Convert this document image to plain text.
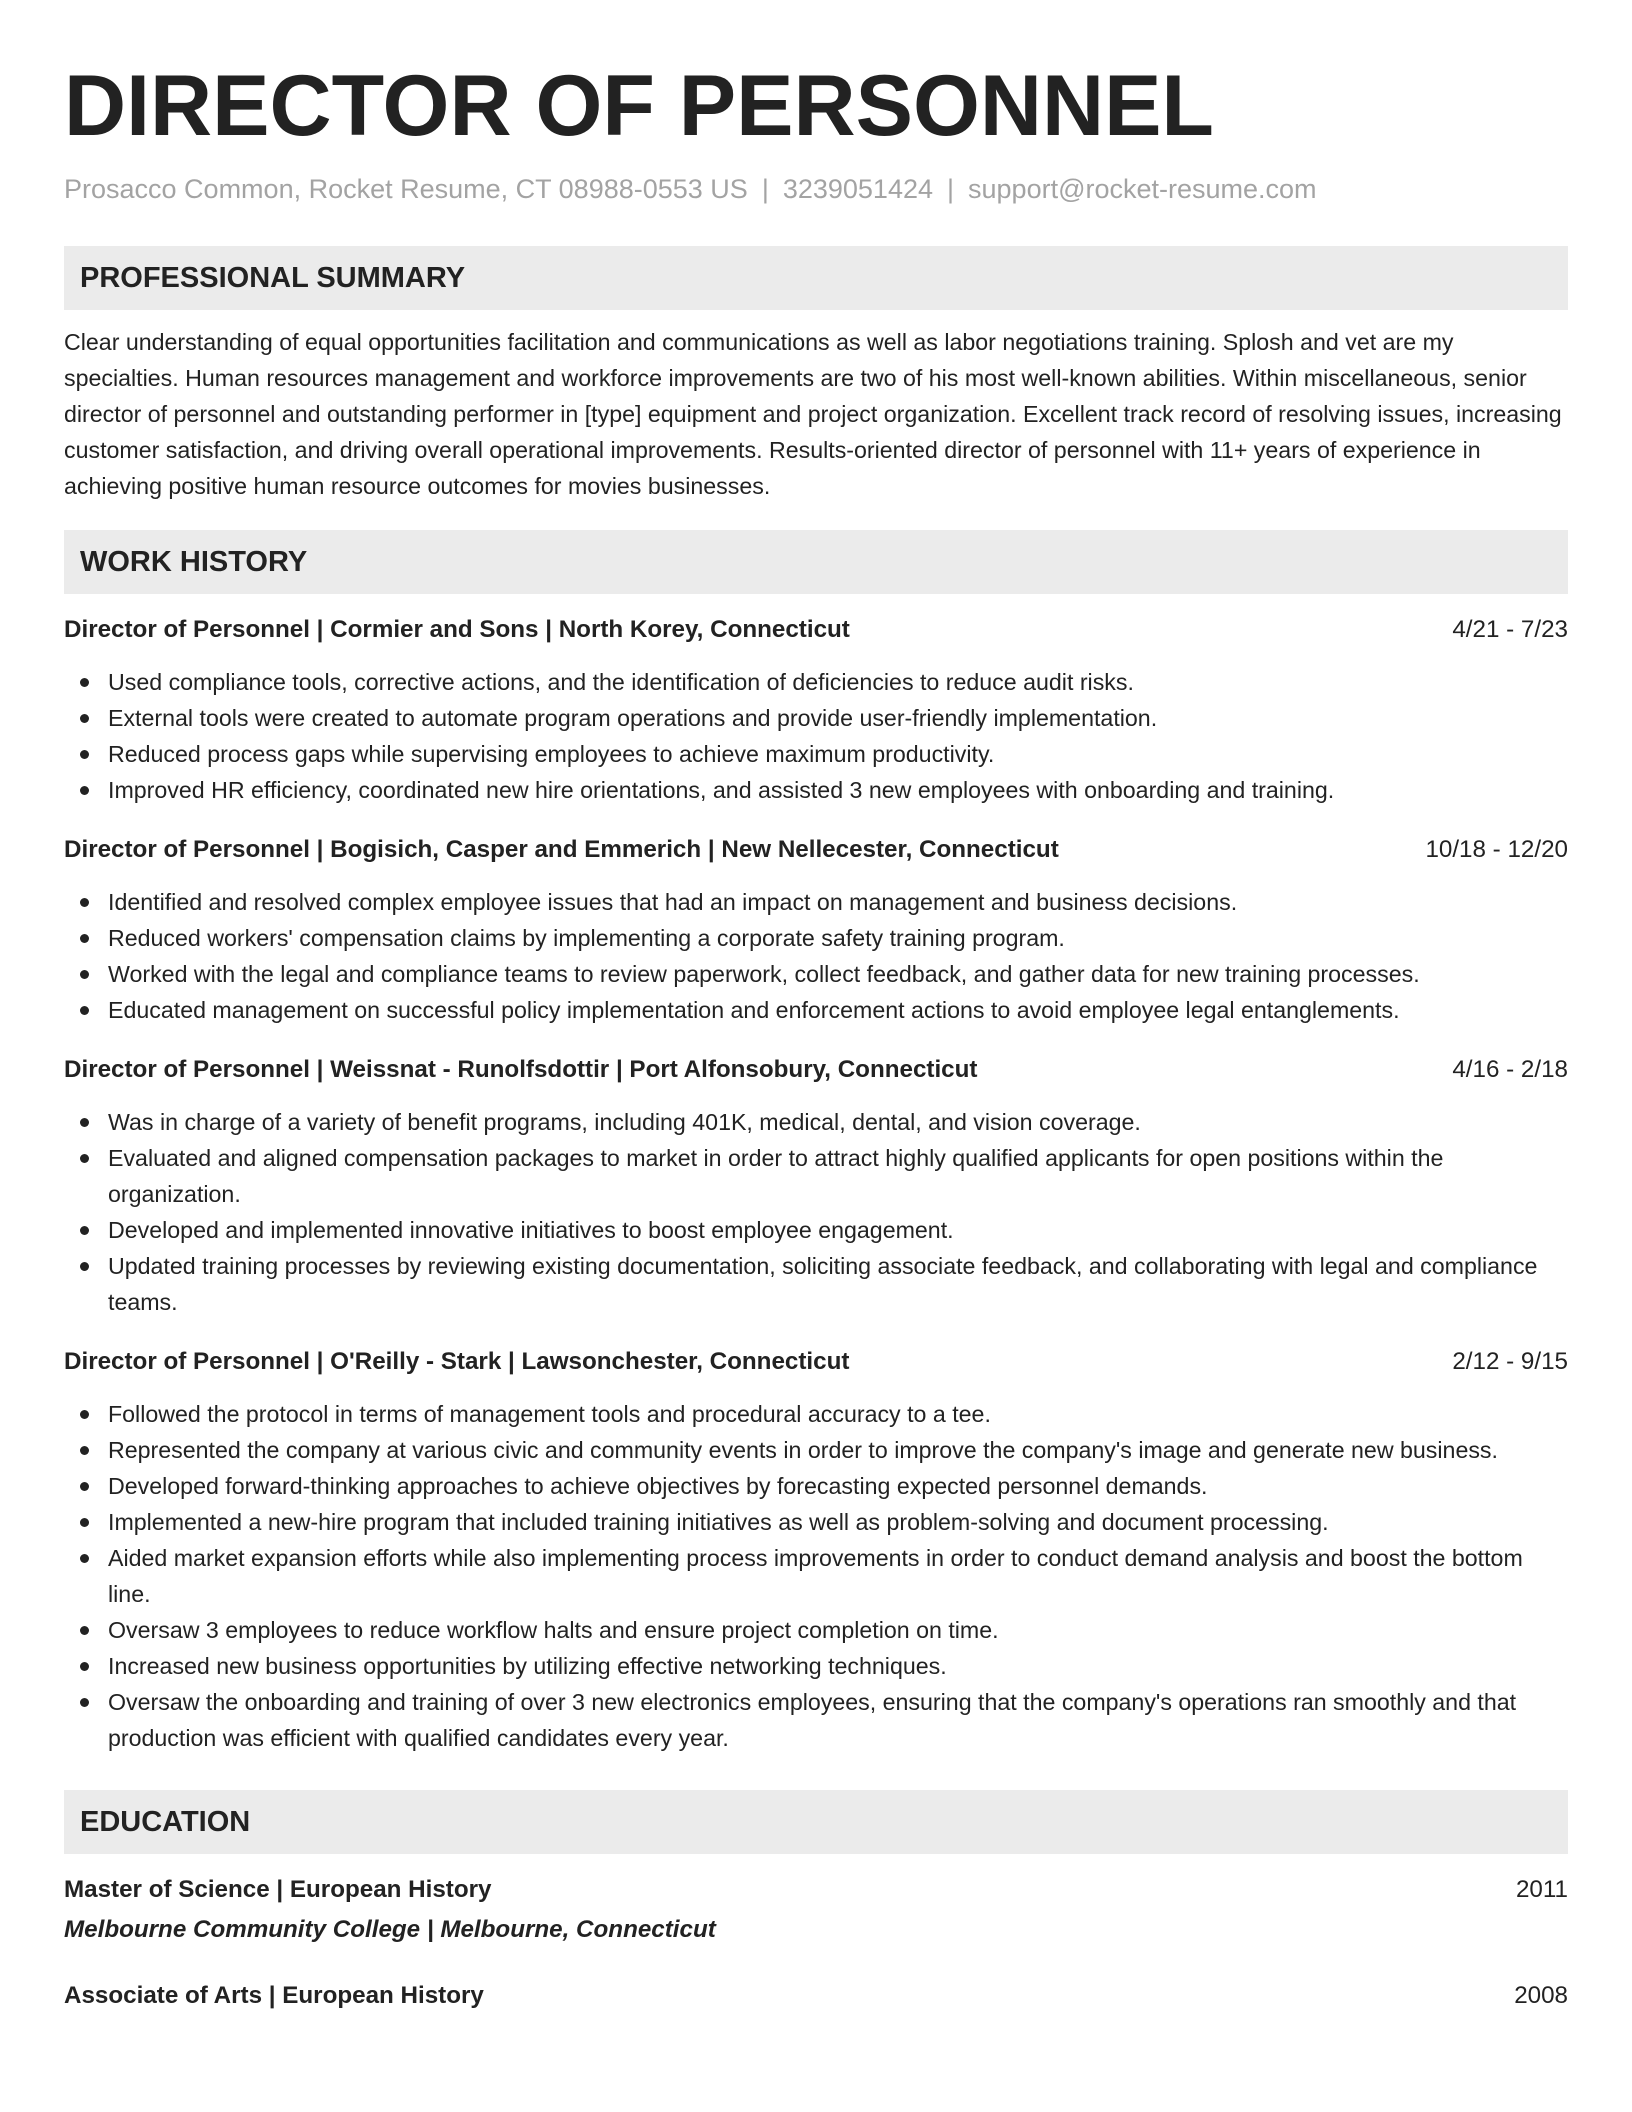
DIRECTOR OF PERSONNEL
Prosacco Common, Rocket Resume, CT 08988-0553 US | 3239051424 | support@rocket-resume.com
PROFESSIONAL SUMMARY

Clear understanding of equal opportunities facilitation and communications as well as labor negotiations training. Splosh and vet are my specialties. Human resources management and workforce improvements are two of his most well-known abilities. Within miscellaneous, senior director of personnel and outstanding performer in [type] equipment and project organization. Excellent track record of resolving issues, increasing customer satisfaction, and driving overall operational improvements. Results-oriented director of personnel with 11+ years of experience in achieving positive human resource outcomes for movies businesses.

WORK HISTORY
Director of Personnel | Cormier and Sons | North Korey, Connecticut	4/21 - 7/23
Used compliance tools, corrective actions, and the identification of deficiencies to reduce audit risks.
External tools were created to automate program operations and provide user-friendly implementation.
Reduced process gaps while supervising employees to achieve maximum productivity.
Improved HR efficiency, coordinated new hire orientations, and assisted 3 new employees with onboarding and training.
Director of Personnel | Bogisich, Casper and Emmerich | New Nellecester, Connecticut	10/18 - 12/20
Identified and resolved complex employee issues that had an impact on management and business decisions.
Reduced workers' compensation claims by implementing a corporate safety training program.
Worked with the legal and compliance teams to review paperwork, collect feedback, and gather data for new training processes.
Educated management on successful policy implementation and enforcement actions to avoid employee legal entanglements.
Director of Personnel | Weissnat - Runolfsdottir | Port Alfonsobury, Connecticut	4/16 - 2/18
Was in charge of a variety of benefit programs, including 401K, medical, dental, and vision coverage.
Evaluated and aligned compensation packages to market in order to attract highly qualified applicants for open positions within the organization.
Developed and implemented innovative initiatives to boost employee engagement.
Updated training processes by reviewing existing documentation, soliciting associate feedback, and collaborating with legal and compliance teams.
Director of Personnel | O'Reilly - Stark | Lawsonchester, Connecticut	2/12 - 9/15
Followed the protocol in terms of management tools and procedural accuracy to a tee.
Represented the company at various civic and community events in order to improve the company's image and generate new business.
Developed forward-thinking approaches to achieve objectives by forecasting expected personnel demands.
Implemented a new-hire program that included training initiatives as well as problem-solving and document processing.
Aided market expansion efforts while also implementing process improvements in order to conduct demand analysis and boost the bottom line.
Oversaw 3 employees to reduce workflow halts and ensure project completion on time.
Increased new business opportunities by utilizing effective networking techniques.
Oversaw the onboarding and training of over 3 new electronics employees, ensuring that the company's operations ran smoothly and that production was efficient with qualified candidates every year.
EDUCATION
Master of Science | European History	2011
Melbourne Community College | Melbourne, Connecticut
Associate of Arts | European History	2008
